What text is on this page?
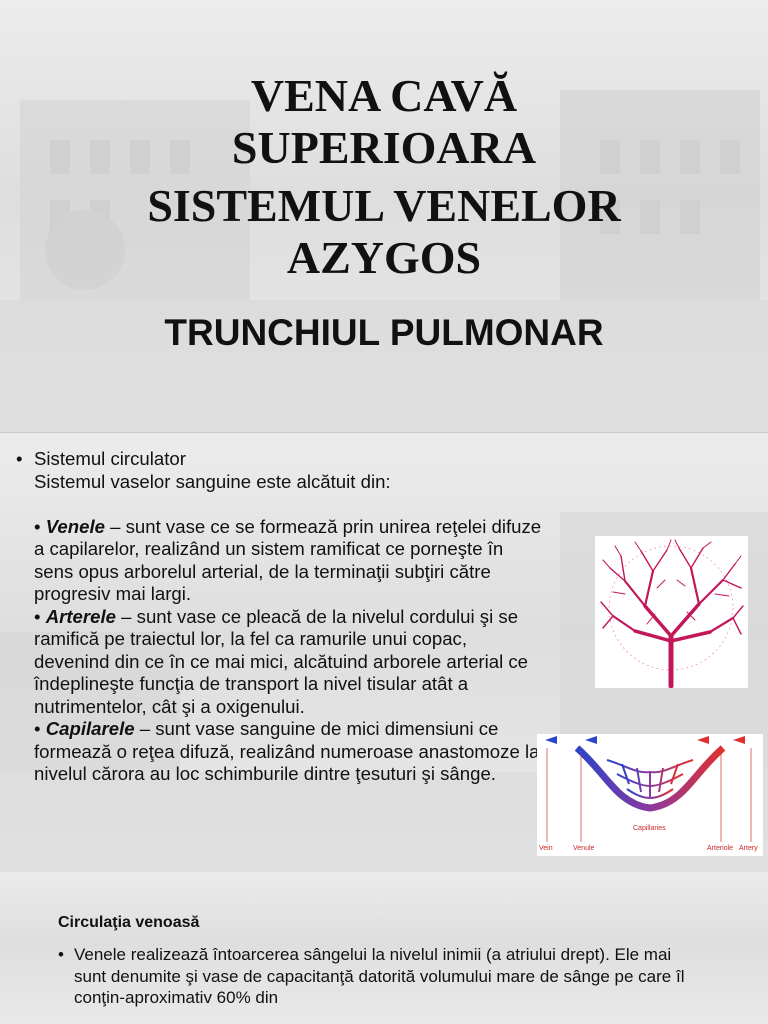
VENA CAVĂ
SUPERIOARA
SISTEMUL VENELOR
AZYGOS
TRUNCHIUL PULMONAR
• Sistemul circulator

Sistemul vaselor sanguine este alcătuit din:

• Venele – sunt vase ce se formează prin unirea reţelei difuze a capilarelor, realizând un sistem ramificat ce porneşte în sens opus arborelul arterial, de la terminaţii subţiri către progresiv mai largi.

• Arterele – sunt vase ce pleacă de la nivelul cordului şi se ramifică pe traiectul lor, la fel ca ramurile unui copac, devenind din ce în ce mai mici, alcătuind arborele arterial ce îndeplineşte funcţia de transport la nivel tisular atât a nutrimentelor, cât şi a oxigenului.

• Capilarele – sunt vase sanguine de mici dimensiuni ce formează o reţea difuză, realizând numeroase anastomoze la nivelul cărora au loc schimburile dintre ţesuturi şi sânge.

Vein	Venule
Capillaries
Arteriole Artery
Circulaţia venoasă
• Venele realizează întoarcerea sângelui la nivelul inimii (a atriului drept). Ele mai sunt denumite şi vase de capacitanţă datorită volumului mare de sânge pe care îl conţin-aproximativ 60% din
